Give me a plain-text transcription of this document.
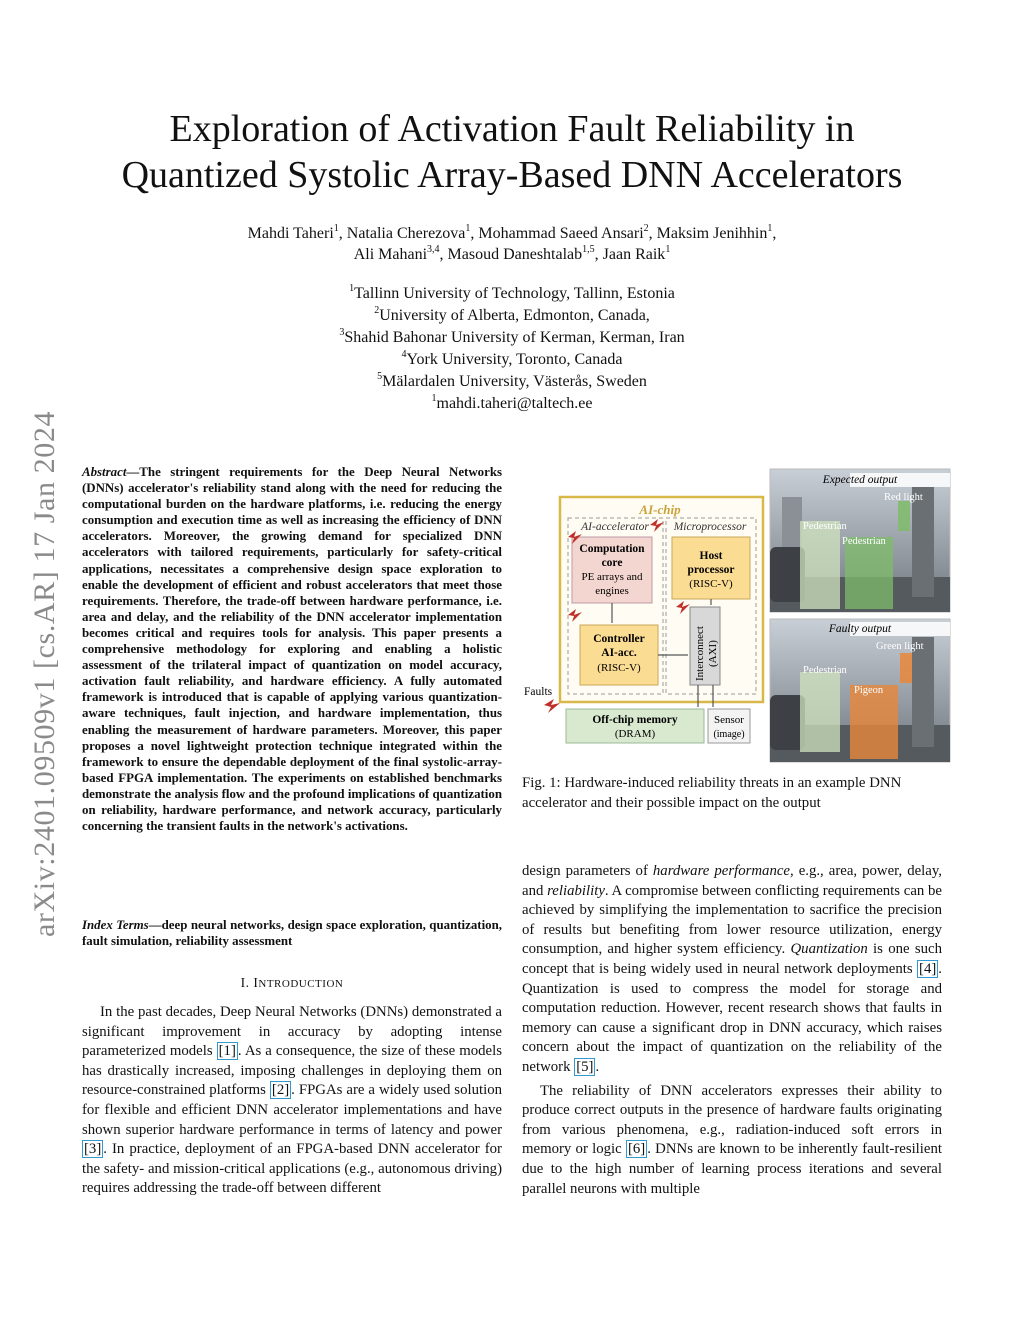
arXiv:2401.09509v1 [cs.AR] 17 Jan 2024
Exploration of Activation Fault Reliability in
Quantized Systolic Array-Based DNN Accelerators
Mahdi Taheri$^1$, Natalia Cherezova$^1$, Mohammad Saeed Ansari$^2$, Maksim Jenihhin$^1$,
Ali Mahani$^{3,4}$, Masoud Daneshtalab$^{1,5}$, Jaan Raik$^1$
$^1$Tallinn University of Technology, Tallinn, Estonia
$^2$University of Alberta, Edmonton, Canada,
$^3$Shahid Bahonar University of Kerman, Kerman, Iran
$^4$York University, Toronto, Canada
$^5$Mälardalen University, Västerås, Sweden
$^1$mahdi.taheri@taltech.ee
Abstract—The stringent requirements for the Deep Neural Networks (DNNs) accelerator's reliability stand along with the need for reducing the computational burden on the hardware platforms, i.e. reducing the energy consumption and execution time as well as increasing the efficiency of DNN accelerators. Moreover, the growing demand for specialized DNN accelerators with tailored requirements, particularly for safety-critical applications, necessitates a comprehensive design space exploration to enable the development of efficient and robust accelerators that meet those requirements. Therefore, the trade-off between hardware performance, i.e. area and delay, and the reliability of the DNN accelerator implementation becomes critical and requires tools for analysis. This paper presents a comprehensive methodology for exploring and enabling a holistic assessment of the trilateral impact of quantization on model accuracy, activation fault reliability, and hardware efficiency. A fully automated framework is introduced that is capable of applying various quantization-aware techniques, fault injection, and hardware implementation, thus enabling the measurement of hardware parameters. Moreover, this paper proposes a novel lightweight protection technique integrated within the framework to ensure the dependable deployment of the final systolic-array-based FPGA implementation. The experiments on established benchmarks demonstrate the analysis flow and the profound implications of quantization on reliability, hardware performance, and network accuracy, particularly concerning the transient faults in the network's activations.
Index Terms—deep neural networks, design space exploration, quantization, fault simulation, reliability assessment
I. INTRODUCTION

In the past decades, Deep Neural Networks (DNNs) demonstrated a significant improvement in accuracy by adopting intense parameterized models [1] . As a consequence, the size of these models has drastically increased, imposing challenges in deploying them on resource-constrained platforms [2] . FPGAs are a widely used solution for flexible and efficient DNN accelerator implementations and have shown superior hardware performance in terms of latency and power [3] . In practice, deployment of an FPGA-based DNN accelerator for the safety- and mission-critical applications (e.g., autonomous driving) requires addressing the trade-off between different

AI-chip
AI-accelerator Microprocessor
Computation
core
PE arrays and
engines
Host
processor
(RISC-V)
Controller
AI-acc.
(RISC-V)	Interconnect (AXI)
Faults
Off-chip memory
(DRAM)
Sensor
(image)
Expected output
Red light
Pedestrian
Pedestrian
Faulty output
Green light
Pedestrian
Pigeon
Fig. 1: Hardware-induced reliability threats in an example DNN accelerator and their possible impact on the output

design parameters of hardware performance, e.g., area, power, delay, and reliability. A compromise between conflicting requirements can be achieved by simplifying the implementation to sacrifice the precision of results but benefiting from lower resource utilization, energy consumption, and higher system efficiency. Quantization is one such concept that is being widely used in neural network deployments [4] . Quantization is used to compress the model for storage and computation reduction. However, recent research shows that faults in memory can cause a significant drop in DNN accuracy, which raises concern about the impact of quantization on the reliability of the network [5] .

The reliability of DNN accelerators expresses their ability to produce correct outputs in the presence of hardware faults originating from various phenomena, e.g., radiation-induced soft errors in memory or logic [6] . DNNs are known to be inherently fault-resilient due to the high number of learning process iterations and several parallel neurons with multiple
